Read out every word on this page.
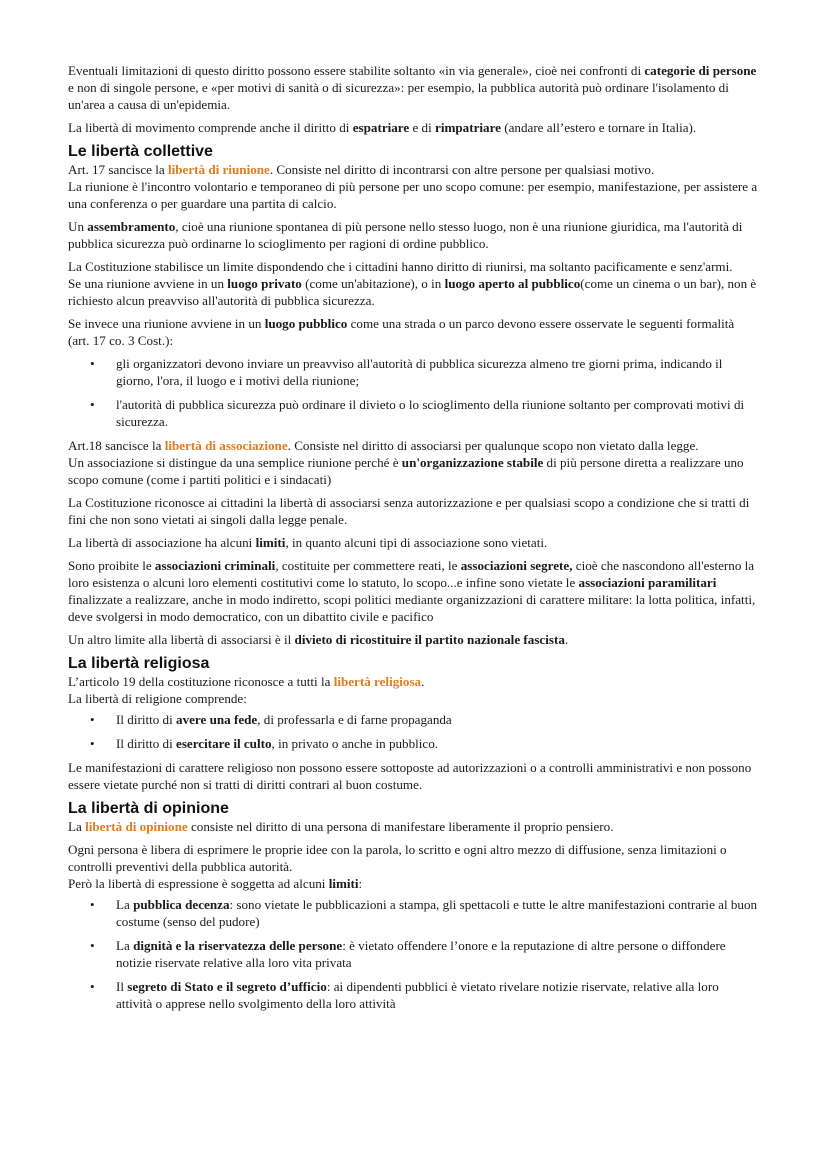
Eventuali limitazioni di questo diritto possono essere stabilite soltanto «in via generale», cioè nei confronti di categorie di persone e non di singole persone, e «per motivi di sanità o di sicurezza»: per esempio, la pubblica autorità può ordinare l'isolamento di un'area a causa di un'epidemia.

La libertà di movimento comprende anche il diritto di espatriare e di rimpatriare (andare all’estero e tornare in Italia).

Le libertà collettive

Art. 17 sancisce la libertà di riunione. Consiste nel diritto di incontrarsi con altre persone per qualsiasi motivo.

La riunione è l'incontro volontario e temporaneo di più persone per uno scopo comune: per esempio, manifestazione, per assistere a una conferenza o per guardare una partita di calcio.

Un assembramento, cioè una riunione spontanea di più persone nello stesso luogo, non è una riunione giuridica, ma l'autorità di pubblica sicurezza può ordinarne lo scioglimento per ragioni di ordine pubblico.

La Costituzione stabilisce un limite dispondendo che i cittadini hanno diritto di riunirsi, ma soltanto pacificamente e senz'armi.

Se una riunione avviene in un luogo privato (come un'abitazione), o in luogo aperto al pubblico(come un cinema o un bar), non è richiesto alcun preavviso all'autorità di pubblica sicurezza.

Se invece una riunione avviene in un luogo pubblico come una strada o un parco devono essere osservate le seguenti formalità (art. 17 co. 3 Cost.):

• gli organizzatori devono inviare un preavviso all'autorità di pubblica sicurezza almeno tre giorni prima, indicando il giorno, l'ora, il luogo e i motivi della riunione;
• l'autorità di pubblica sicurezza può ordinare il divieto o lo scioglimento della riunione soltanto per comprovati motivi di sicurezza.

Art.18 sancisce la libertà di associazione. Consiste nel diritto di associarsi per qualunque scopo non vietato dalla legge.

Un associazione si distingue da una semplice riunione perché è un'organizzazione stabile di più persone diretta a realizzare uno scopo comune (come i partiti politici e i sindacati)

La Costituzione riconosce ai cittadini la libertà di associarsi senza autorizzazione e per qualsiasi scopo a condizione che si tratti di fini che non sono vietati ai singoli dalla legge penale.

La libertà di associazione ha alcuni limiti, in quanto alcuni tipi di associazione sono vietati.

Sono proibite le associazioni criminali, costituite per commettere reati, le associazioni segrete, cioè che nascondono all'esterno la loro esistenza o alcuni loro elementi costitutivi come lo statuto, lo scopo...e infine sono vietate le associazioni paramilitari finalizzate a realizzare, anche in modo indiretto, scopi politici mediante organizzazioni di carattere militare: la lotta politica, infatti, deve svolgersi in modo democratico, con un dibattito civile e pacifico

Un altro limite alla libertà di associarsi è il divieto di ricostituire il partito nazionale fascista.

La libertà religiosa

L’articolo 19 della costituzione riconosce a tutti la libertà religiosa.

La libertà di religione comprende:

• Il diritto di avere una fede, di professarla e di farne propaganda
• Il diritto di esercitare il culto, in privato o anche in pubblico.

Le manifestazioni di carattere religioso non possono essere sottoposte ad autorizzazioni o a controlli amministrativi e non possono essere vietate purché non si tratti di diritti contrari al buon costume.

La libertà di opinione

La libertà di opinione consiste nel diritto di una persona di manifestare liberamente il proprio pensiero.

Ogni persona è libera di esprimere le proprie idee con la parola, lo scritto e ogni altro mezzo di diffusione, senza limitazioni o controlli preventivi della pubblica autorità.

Però la libertà di espressione è soggetta ad alcuni limiti:

• La pubblica decenza: sono vietate le pubblicazioni a stampa, gli spettacoli e tutte le altre manifestazioni contrarie al buon costume (senso del pudore)
• La dignità e la riservatezza delle persone: è vietato offendere l’onore e la reputazione di altre persone o diffondere notizie riservate relative alla loro vita privata
• Il segreto di Stato e il segreto d’ufficio: ai dipendenti pubblici è vietato rivelare notizie riservate, relative alla loro attività o apprese nello svolgimento della loro attività
